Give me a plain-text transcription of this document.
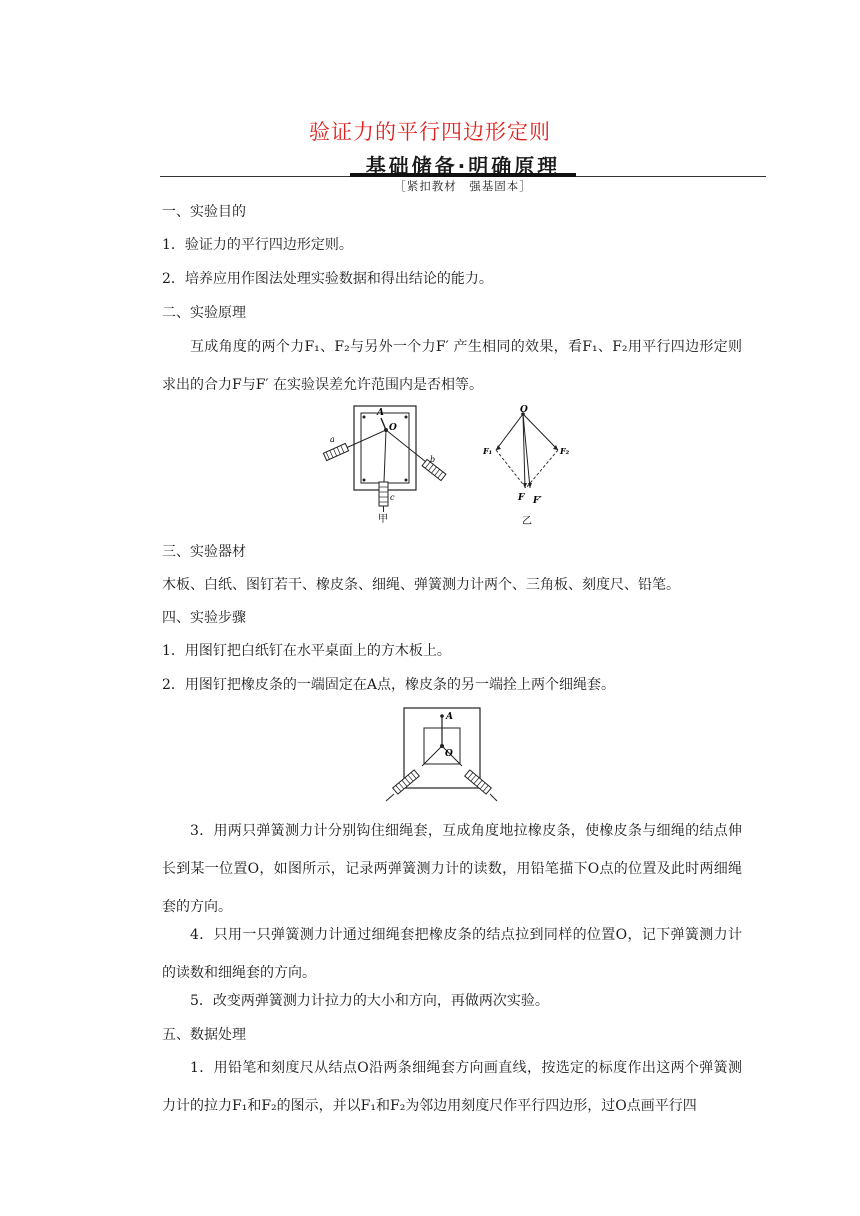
验证力的平行四边形定则
基础储备·明确原理
［紧扣教材　强基固本］
一、实验目的
1．验证力的平行四边形定则。
2．培养应用作图法处理实验数据和得出结论的能力。
二、实验原理
互成角度的两个力F₁、F₂与另外一个力F′ 产生相同的效果，看F₁、F₂用平行四边形定则求出的合力F与F′ 在实验误差允许范围内是否相等。
A
O
a
b
c
甲
O
F₁	F₂
F F′
乙
三、实验器材
木板、白纸、图钉若干、橡皮条、细绳、弹簧测力计两个、三角板、刻度尺、铅笔。
四、实验步骤
1．用图钉把白纸钉在水平桌面上的方木板上。
2．用图钉把橡皮条的一端固定在A点，橡皮条的另一端拴上两个细绳套。
A
O
3．用两只弹簧测力计分别钩住细绳套，互成角度地拉橡皮条，使橡皮条与细绳的结点伸长到某一位置O，如图所示，记录两弹簧测力计的读数，用铅笔描下O点的位置及此时两细绳套的方向。
4．只用一只弹簧测力计通过细绳套把橡皮条的结点拉到同样的位置O，记下弹簧测力计的读数和细绳套的方向。
5．改变两弹簧测力计拉力的大小和方向，再做两次实验。
五、数据处理
1．用铅笔和刻度尺从结点O沿两条细绳套方向画直线，按选定的标度作出这两个弹簧测力计的拉力F₁和F₂的图示，并以F₁和F₂为邻边用刻度尺作平行四边形，过O点画平行四
